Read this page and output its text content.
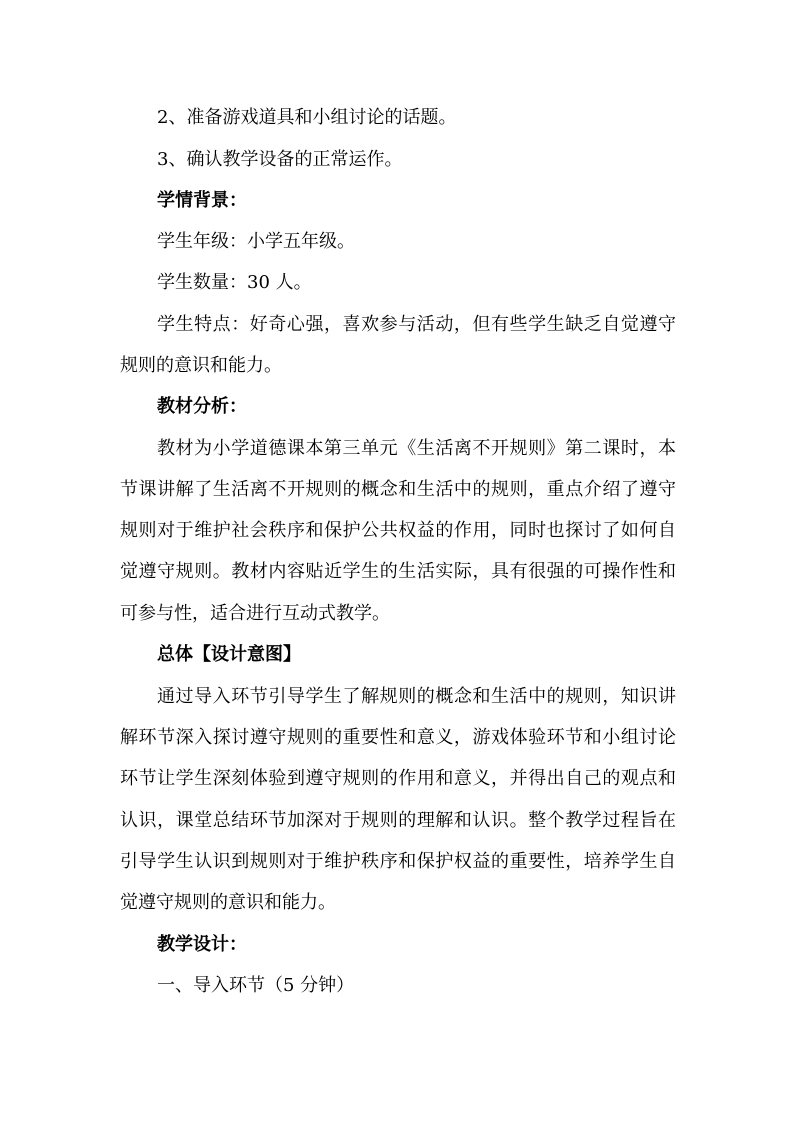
2、准备游戏道具和小组讨论的话题。
3、确认教学设备的正常运作。
学情背景：
学生年级：小学五年级。
学生数量：30 人。
学生特点：好奇心强，喜欢参与活动，但有些学生缺乏自觉遵守
规则的意识和能力。
教材分析：
教材为小学道德课本第三单元《生活离不开规则》第二课时，本
节课讲解了生活离不开规则的概念和生活中的规则，重点介绍了遵守
规则对于维护社会秩序和保护公共权益的作用，同时也探讨了如何自
觉遵守规则。教材内容贴近学生的生活实际，具有很强的可操作性和
可参与性，适合进行互动式教学。
总体【设计意图】
通过导入环节引导学生了解规则的概念和生活中的规则，知识讲
解环节深入探讨遵守规则的重要性和意义，游戏体验环节和小组讨论
环节让学生深刻体验到遵守规则的作用和意义，并得出自己的观点和
认识，课堂总结环节加深对于规则的理解和认识。整个教学过程旨在
引导学生认识到规则对于维护秩序和保护权益的重要性，培养学生自
觉遵守规则的意识和能力。
教学设计：
一、导入环节（5 分钟）
